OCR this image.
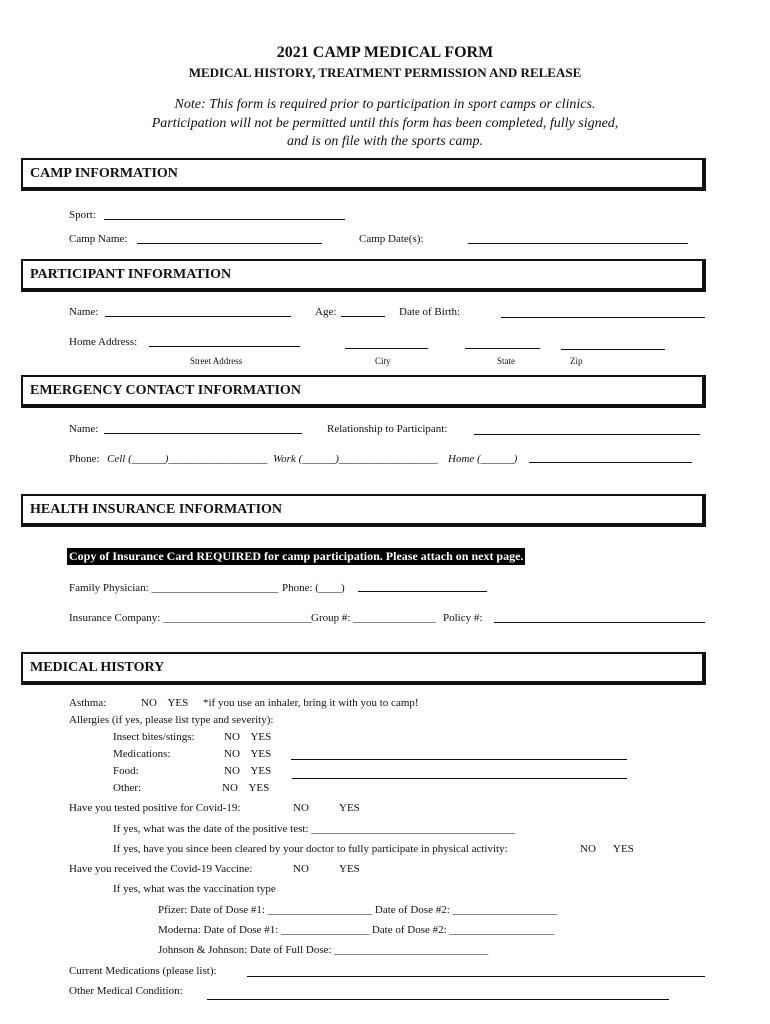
2021 CAMP MEDICAL FORM
MEDICAL HISTORY, TREATMENT PERMISSION AND RELEASE
Note: This form is required prior to participation in sport camps or clinics.
Participation will not be permitted until this form has been completed, fully signed,
and is on file with the sports camp.
CAMP INFORMATION
Sport:
Camp Name:	Camp Date(s):
PARTICIPANT INFORMATION
Name:	Age:	Date of Birth:
Home Address:
Street Address	City	State	Zip
EMERGENCY CONTACT INFORMATION
Name:	Relationship to Participant:
Phone: Cell (______)__________________ Work (______)__________________ Home (______)
HEALTH INSURANCE INFORMATION
Copy of Insurance Card REQUIRED for camp participation. Please attach on next page.
Family Physician: _______________________ Phone: (____)
Insurance Company: ___________________________ Group #: _______________ Policy #:
MEDICAL HISTORY
Asthma:	NO    YES *if you use an inhaler, bring it with you to camp!
Allergies (if yes, please list type and severity):
Insect bites/stings:	NO    YES
Medications:	NO    YES
Food:	NO    YES
Other:	NO    YES
Have you tested positive for Covid-19:	NO	YES
If yes, what was the date of the positive test: _____________________________________
If yes, have you since been cleared by your doctor to fully participate in physical activity:	NO YES
Have you received the Covid-19 Vaccine:	NO	YES
If yes, what was the vaccination type
Pfizer: Date of Dose #1: ___________________ Date of Dose #2: ___________________
Moderna: Date of Dose #1: ________________ Date of Dose #2: ___________________
Johnson & Johnson: Date of Full Dose: ____________________________
Current Medications (please list):
Other Medical Condition:
